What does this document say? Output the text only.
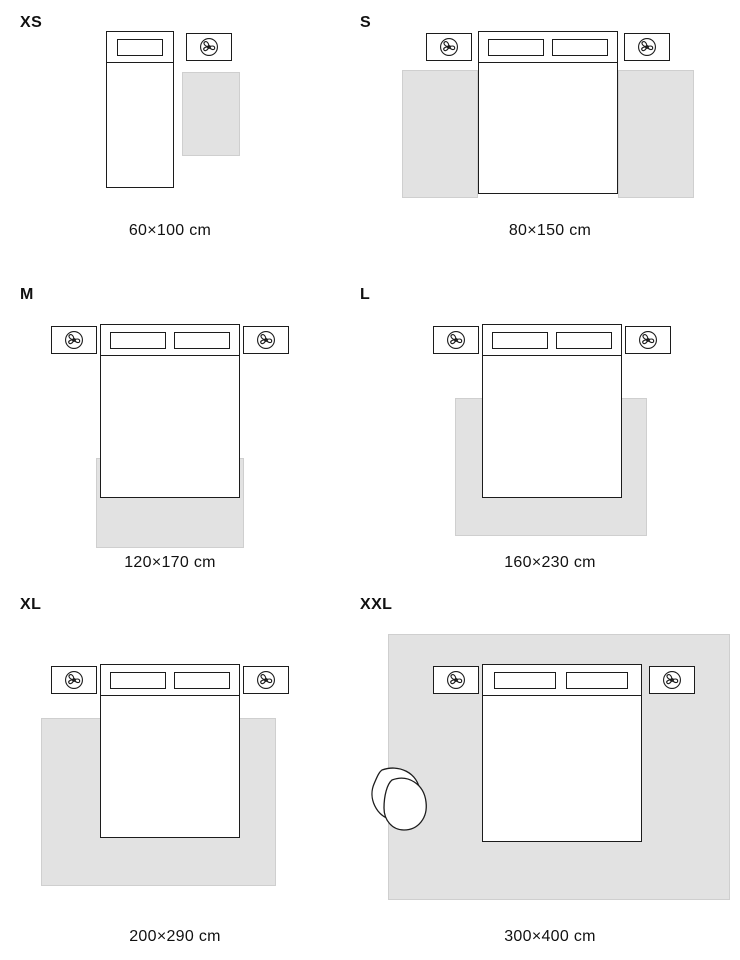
XS
60×100 cm
S
80×150 cm
M
120×170 cm
L
160×230 cm
XL
200×290 cm
XXL
300×400 cm
